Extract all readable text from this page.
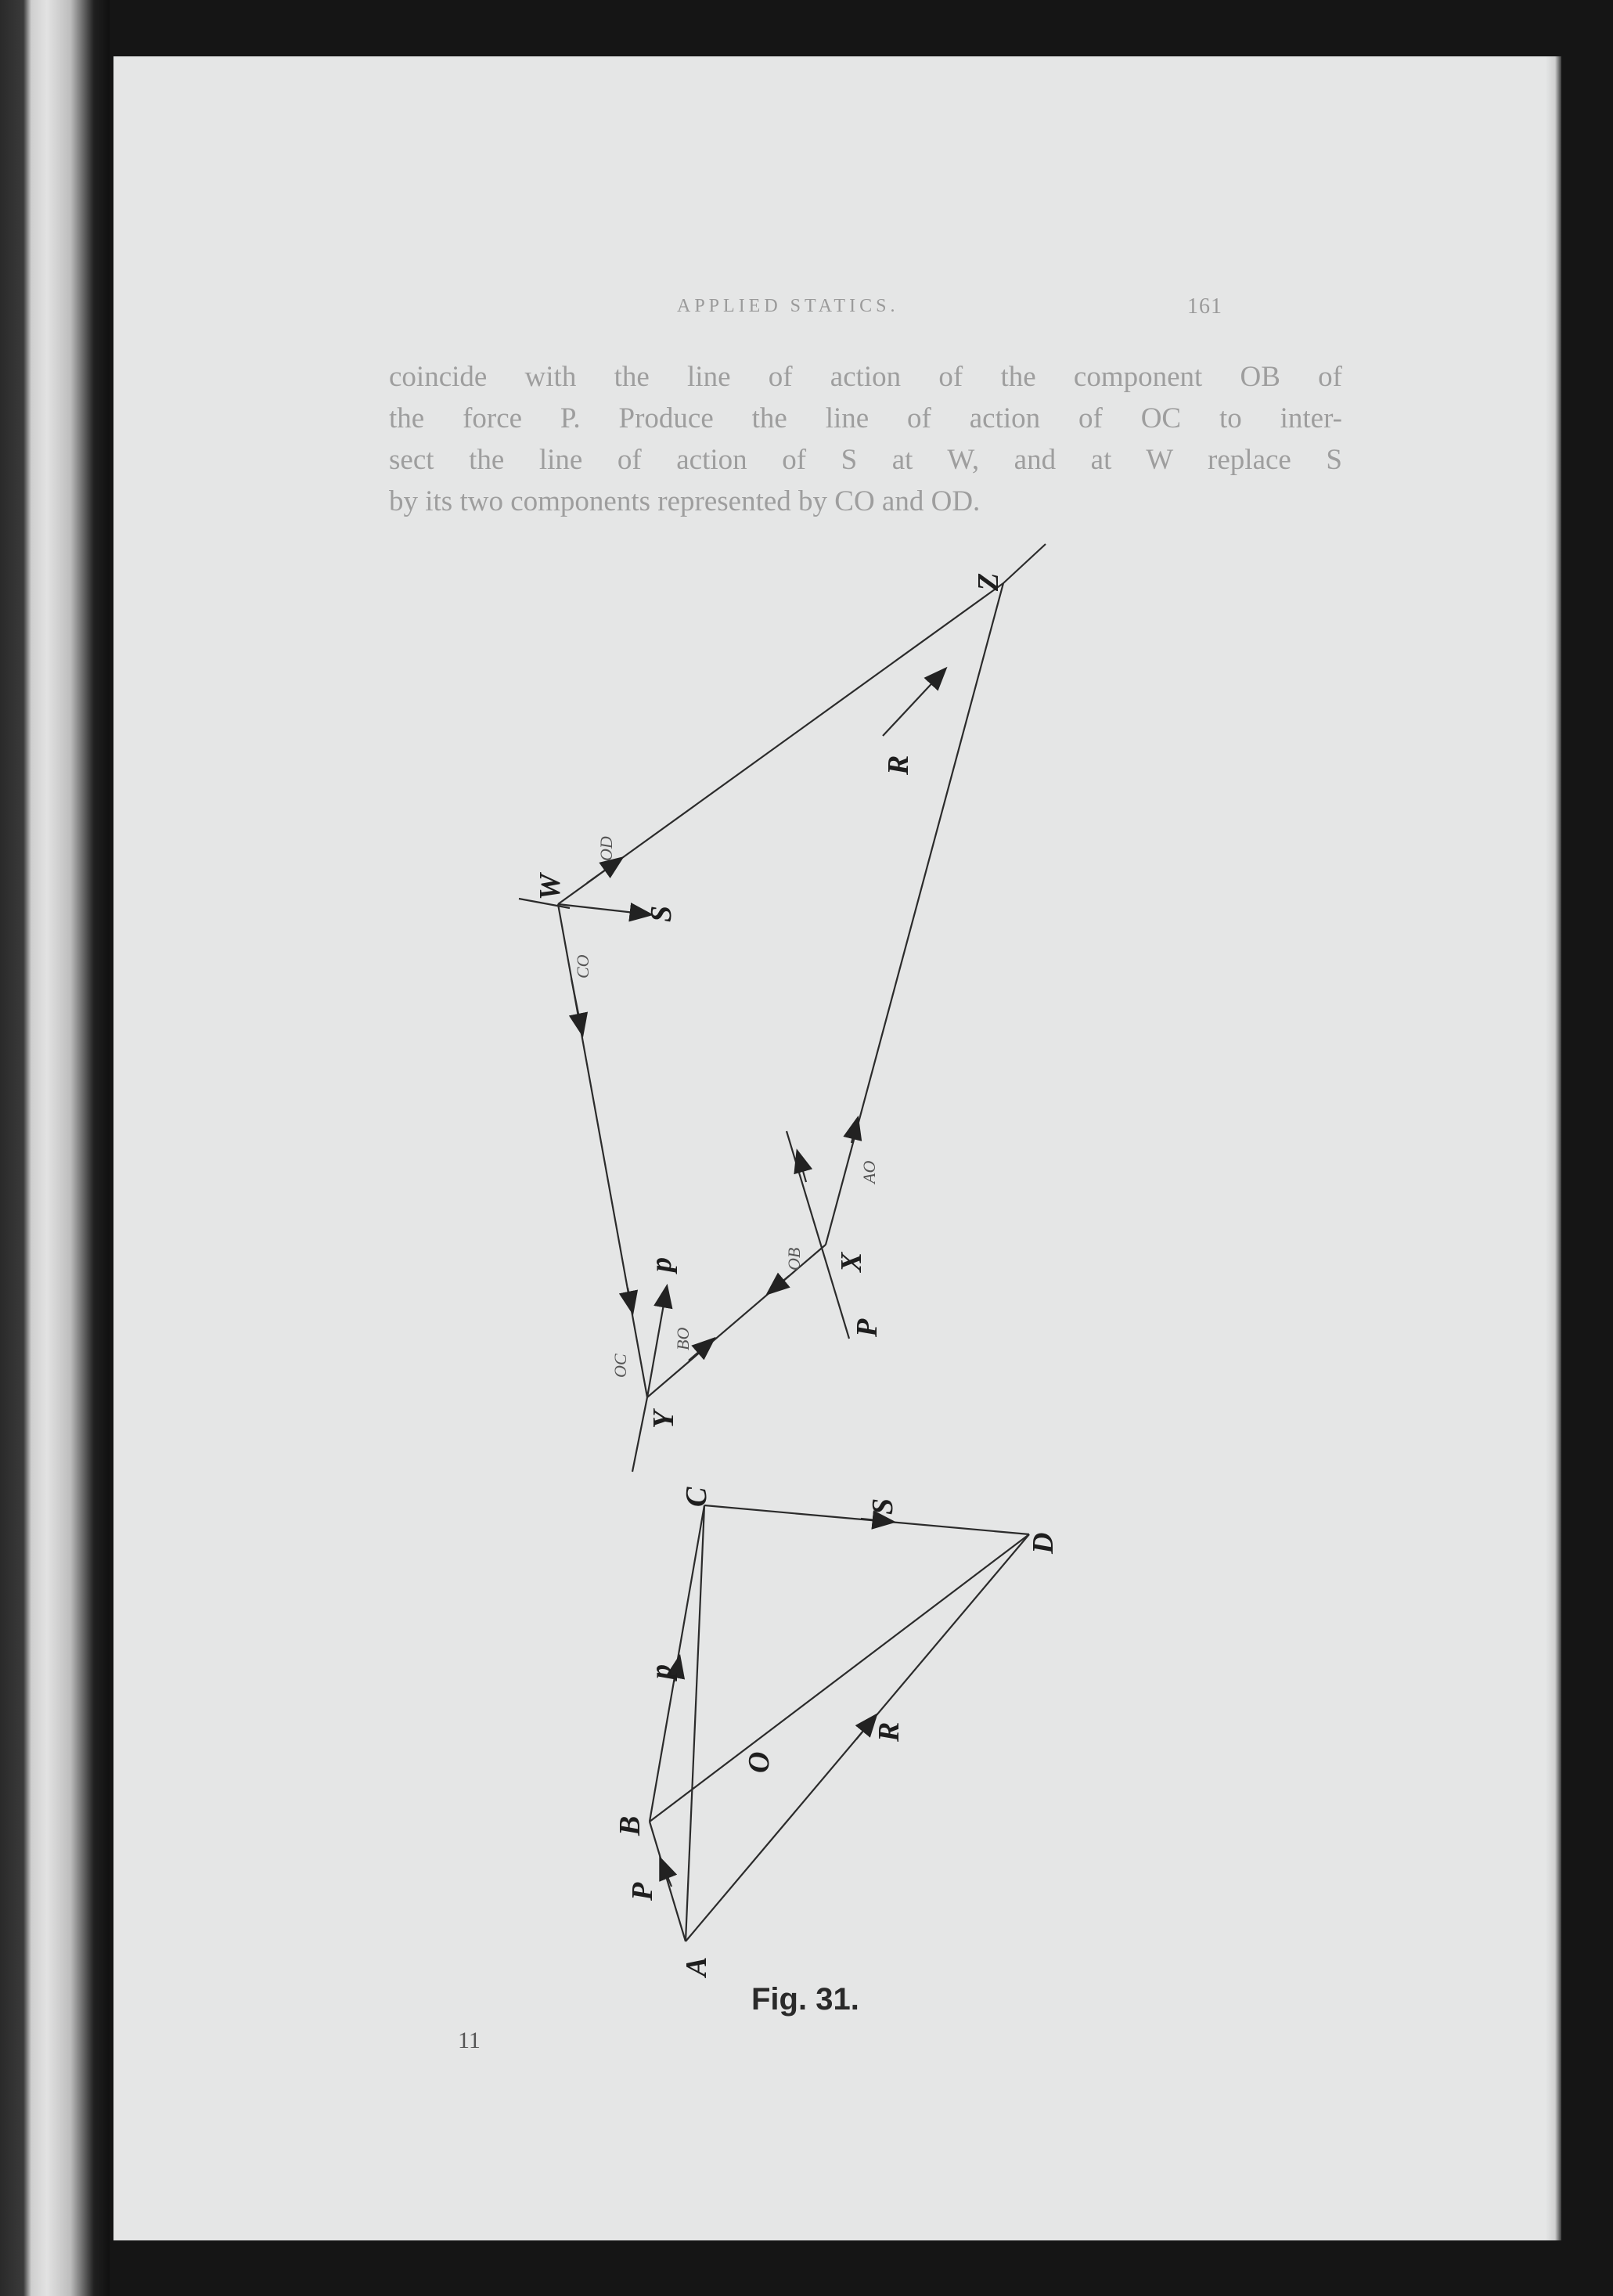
APPLIED STATICS.	161
coincide with the line of action of the component OB of
the force P. Produce the line of action of OC to inter-
sect the line of action of S at W, and at W replace S
by its two components represented by CO and OD.
Z
W
X
Y
S
R
P
p
A
B
C
D
O
P
p
S
R
OD
CO
OC
BO
OB
AO
Fig. 31.
11
